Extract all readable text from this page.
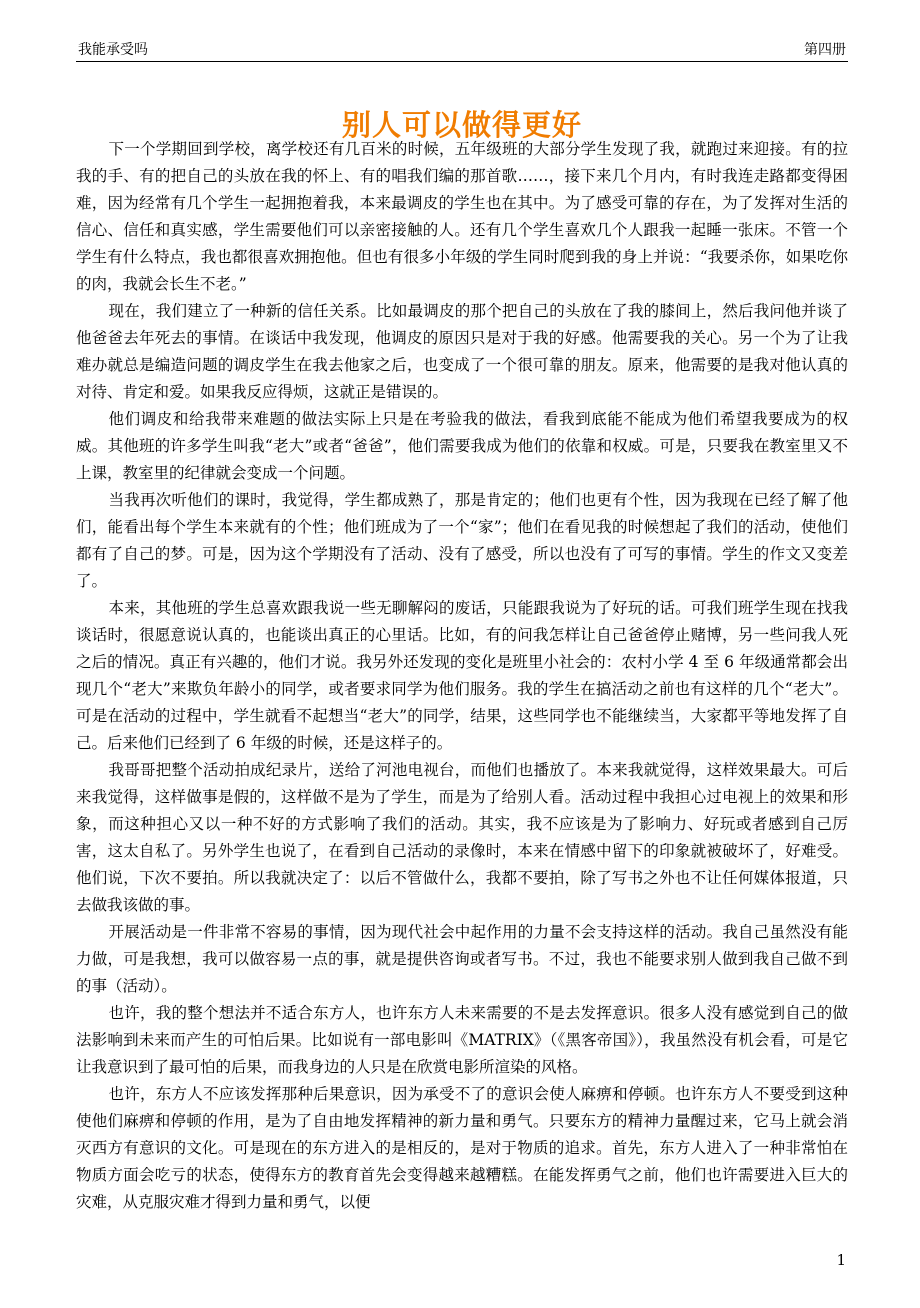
我能承受吗	第四册
别人可以做得更好

下一个学期回到学校，离学校还有几百米的时候，五年级班的大部分学生发现了我，就跑过来迎接。有的拉我的手、有的把自己的头放在我的怀上、有的唱我们编的那首歌……，接下来几个月内，有时我连走路都变得困难，因为经常有几个学生一起拥抱着我，本来最调皮的学生也在其中。为了感受可靠的存在，为了发挥对生活的信心、信任和真实感，学生需要他们可以亲密接触的人。还有几个学生喜欢几个人跟我一起睡一张床。不管一个学生有什么特点，我也都很喜欢拥抱他。但也有很多小年级的学生同时爬到我的身上并说：“我要杀你，如果吃你的肉，我就会长生不老。”

现在，我们建立了一种新的信任关系。比如最调皮的那个把自己的头放在了我的膝间上，然后我问他并谈了他爸爸去年死去的事情。在谈话中我发现，他调皮的原因只是对于我的好感。他需要我的关心。另一个为了让我难办就总是编造问题的调皮学生在我去他家之后，也变成了一个很可靠的朋友。原来，他需要的是我对他认真的对待、肯定和爱。如果我反应得烦，这就正是错误的。

他们调皮和给我带来难题的做法实际上只是在考验我的做法，看我到底能不能成为他们希望我要成为的权威。其他班的许多学生叫我“老大”或者“爸爸”，他们需要我成为他们的依靠和权威。可是，只要我在教室里又不上课，教室里的纪律就会变成一个问题。

当我再次听他们的课时，我觉得，学生都成熟了，那是肯定的；他们也更有个性，因为我现在已经了解了他们，能看出每个学生本来就有的个性；他们班成为了一个“家”；他们在看见我的时候想起了我们的活动，使他们都有了自己的梦。可是，因为这个学期没有了活动、没有了感受，所以也没有了可写的事情。学生的作文又变差了。

本来，其他班的学生总喜欢跟我说一些无聊解闷的废话，只能跟我说为了好玩的话。可我们班学生现在找我谈话时，很愿意说认真的，也能谈出真正的心里话。比如，有的问我怎样让自己爸爸停止赌博，另一些问我人死之后的情况。真正有兴趣的，他们才说。我另外还发现的变化是班里小社会的：农村小学 4 至 6 年级通常都会出现几个“老大”来欺负年龄小的同学，或者要求同学为他们服务。我的学生在搞活动之前也有这样的几个“老大”。可是在活动的过程中，学生就看不起想当“老大”的同学，结果，这些同学也不能继续当，大家都平等地发挥了自己。后来他们已经到了 6 年级的时候，还是这样子的。

我哥哥把整个活动拍成纪录片，送给了河池电视台，而他们也播放了。本来我就觉得，这样效果最大。可后来我觉得，这样做事是假的，这样做不是为了学生，而是为了给别人看。活动过程中我担心过电视上的效果和形象，而这种担心又以一种不好的方式影响了我们的活动。其实，我不应该是为了影响力、好玩或者感到自己厉害，这太自私了。另外学生也说了，在看到自己活动的录像时，本来在情感中留下的印象就被破坏了，好难受。他们说，下次不要拍。所以我就决定了：以后不管做什么，我都不要拍，除了写书之外也不让任何媒体报道，只去做我该做的事。

开展活动是一件非常不容易的事情，因为现代社会中起作用的力量不会支持这样的活动。我自己虽然没有能力做，可是我想，我可以做容易一点的事，就是提供咨询或者写书。不过，我也不能要求别人做到我自己做不到的事（活动）。

也许，我的整个想法并不适合东方人，也许东方人未来需要的不是去发挥意识。很多人没有感觉到自己的做法影响到未来而产生的可怕后果。比如说有一部电影叫《MATRIX》（《黑客帝国》），我虽然没有机会看，可是它让我意识到了最可怕的后果，而我身边的人只是在欣赏电影所渲染的风格。

也许，东方人不应该发挥那种后果意识，因为承受不了的意识会使人麻痹和停顿。也许东方人不要受到这种使他们麻痹和停顿的作用，是为了自由地发挥精神的新力量和勇气。只要东方的精神力量醒过来，它马上就会消灭西方有意识的文化。可是现在的东方进入的是相反的，是对于物质的追求。首先，东方人进入了一种非常怕在物质方面会吃亏的状态，使得东方的教育首先会变得越来越糟糕。在能发挥勇气之前，他们也许需要进入巨大的灾难，从克服灾难才得到力量和勇气，以便

1
